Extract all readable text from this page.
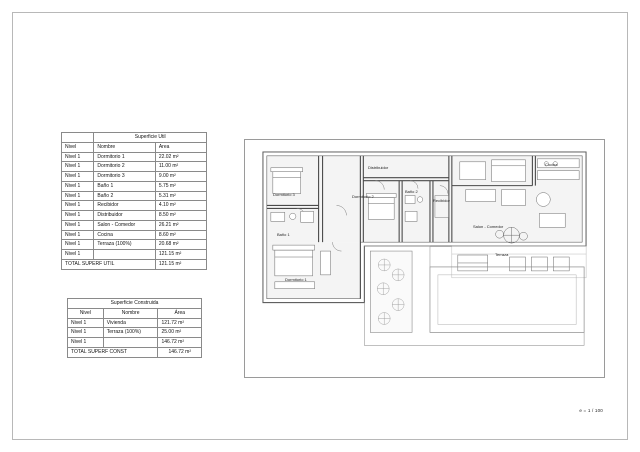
	Superficie Util	
Nivel	Nombre	Area
Nivel 1	Dormitorio 1	22.02 m²
Nivel 1	Dormitorio 2	11.00 m²
Nivel 1	Dormitorio 3	9.00 m²
Nivel 1	Baño 1	5.75 m²
Nivel 1	Baño 2	5.31 m²
Nivel 1	Recibidor	4.10 m²
Nivel 1	Distribuidor	8.50 m²
Nivel 1	Salon - Comedor	26.21 m²
Nivel 1	Cocina	8.60 m²
Nivel 1	Terraza (100%)	20.68 m²
Nivel 1		121.15 m²
TOTAL SUPERF UTIL		121.15 m²
Superficie Construida		
Nivel	Nombre	Área
Nivel 1	Vivienda	121.72 m²
Nivel 1	Terraza (100%)	25.00 m²
Nivel 1		146.72 m²
TOTAL SUPERF CONST		146.72 m²
Distribuidor
Cocina
Dormitorio 3	Dormitorio 2
Baño 2
Recibidor
Salon - Comedor
Baño 1
Terraza
Dormitorio 1
e = 1 / 100
